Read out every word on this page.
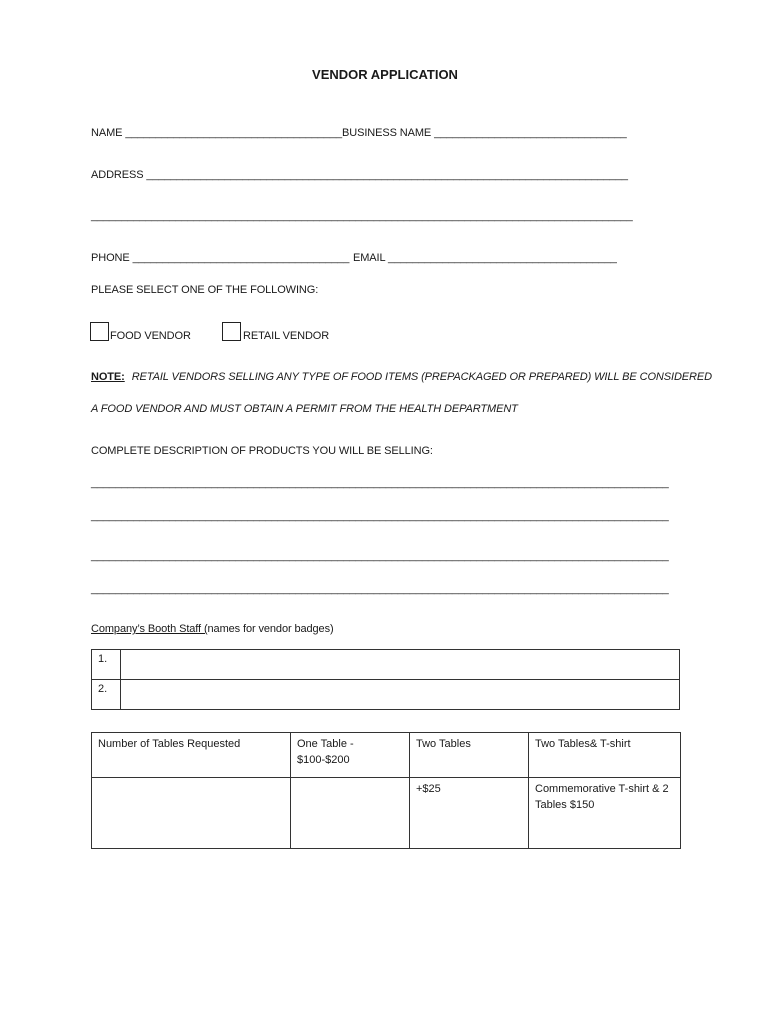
VENDOR APPLICATION
NAME ____________________________________ BUSINESS NAME ________________________________
ADDRESS ________________________________________________________________________________
__________________________________________________________________________________________
PHONE ____________________________________ EMAIL ______________________________________
PLEASE SELECT ONE OF THE FOLLOWING:
FOOD VENDOR	RETAIL VENDOR
NOTE: RETAIL VENDORS SELLING ANY TYPE OF FOOD ITEMS (PREPACKAGED OR PREPARED) WILL BE CONSIDERED
A FOOD VENDOR AND MUST OBTAIN A PERMIT FROM THE HEALTH DEPARTMENT
COMPLETE DESCRIPTION OF PRODUCTS YOU WILL BE SELLING:
________________________________________________________________________________________________
________________________________________________________________________________________________
________________________________________________________________________________________________
________________________________________________________________________________________________
Company’s Booth Staff (names for vendor badges)
1.	
2.	
Number of Tables Requested	One Table - $100-$200	Two Tables	Two Tables& T-shirt
		+$25	Commemorative T-shirt & 2 Tables $150
